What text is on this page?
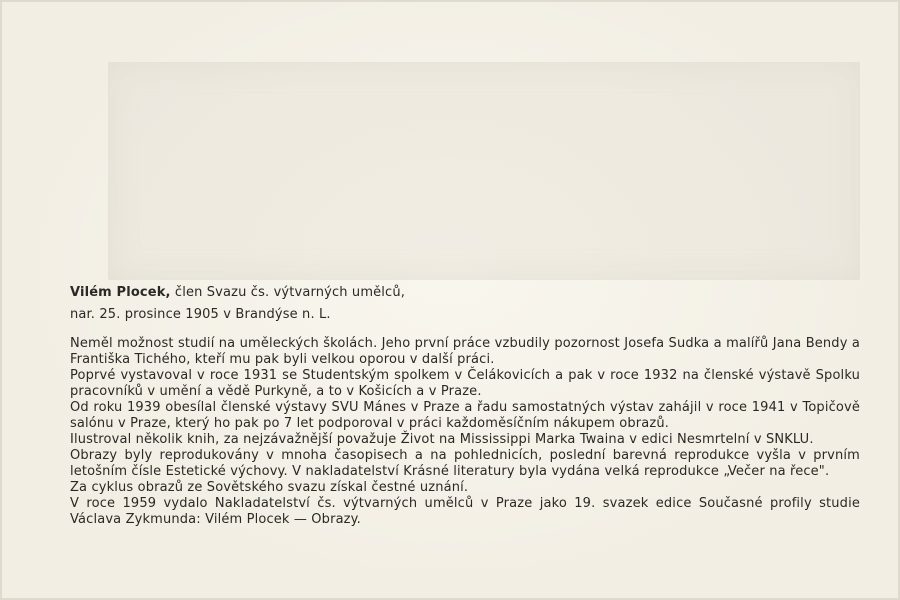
Vilém Plocek, člen Svazu čs. výtvarných umělců,

nar. 25. prosince 1905 v Brandýse n. L.

Neměl možnost studií na uměleckých školách. Jeho první práce vzbudily pozornost Josefa Sudka a malířů Jana Bendy a Františka Tichého, kteří mu pak byli velkou oporou v další práci.

Poprvé vystavoval v roce 1931 se Studentským spolkem v Čelákovicích a pak v roce 1932 na členské výstavě Spolku pracovníků v umění a vědě Purkyně, a to v Košicích a v Praze.

Od roku 1939 obesílal členské výstavy SVU Mánes v Praze a řadu samostatných výstav zahájil v roce 1941 v Topičově salónu v Praze, který ho pak po 7 let podporoval v práci každoměsíčním nákupem obrazů.

Ilustroval několik knih, za nejzávažnější považuje Život na Mississippi Marka Twaina v edici Nesmrtelní v SNKLU.

Obrazy byly reprodukovány v mnoha časopisech a na pohlednicích, poslední barevná reprodukce vyšla v prvním letošním čísle Estetické výchovy. V nakladatelství Krásné literatury byla vydána velká reprodukce „Večer na řece".

Za cyklus obrazů ze Sovětského svazu získal čestné uznání.

V roce 1959 vydalo Nakladatelství čs. výtvarných umělců v Praze jako 19. svazek edice Současné profily studie Václava Zykmunda: Vilém Plocek — Obrazy.
